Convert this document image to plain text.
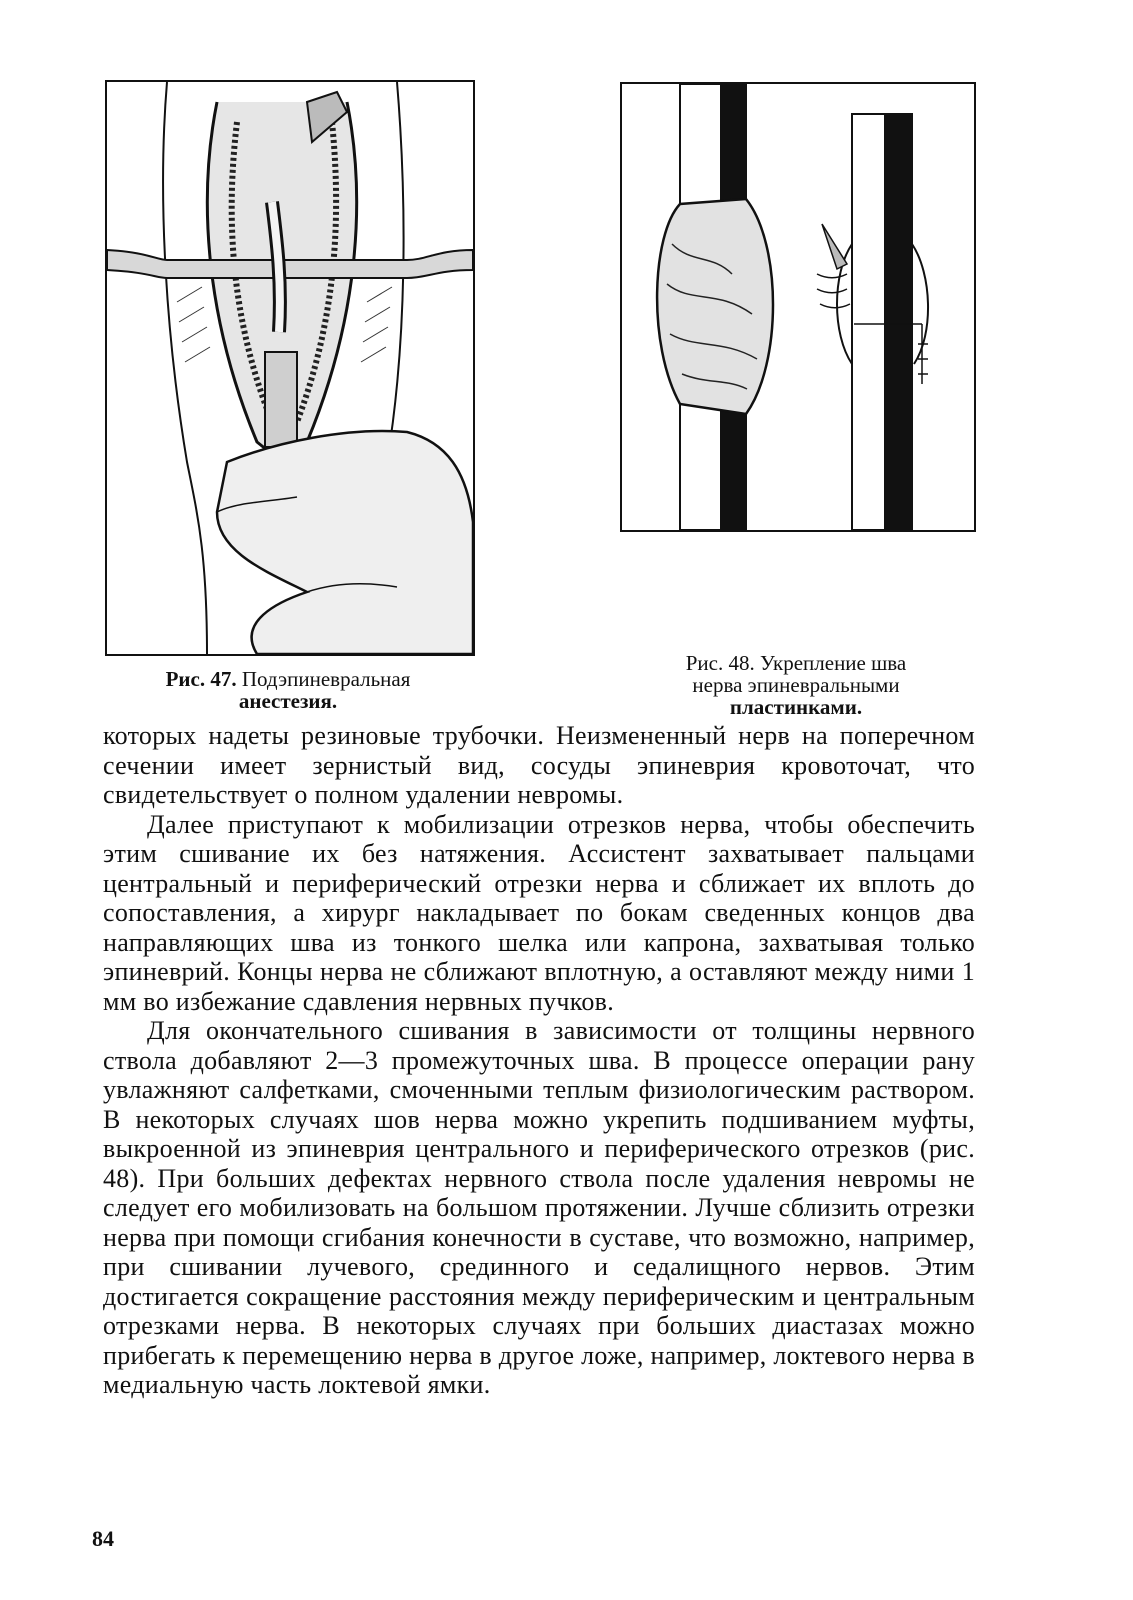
Рис. 47. Подэпиневральная
анестезия.
Рис. 48. Укрепление шва
нерва эпиневральными
пластинками.

которых надеты резиновые трубочки. Неизмененный нерв на поперечном сечении имеет зернистый вид, сосуды эпиневрия кровоточат, что свидетельствует о полном удалении невромы.

Далее приступают к мобилизации отрезков нерва, чтобы обеспечить этим сшивание их без натяжения. Ассистент захватывает пальцами центральный и периферический отрезки нерва и сближает их вплоть до сопоставления, а хирург накладывает по бокам сведенных концов два направляющих шва из тонкого шелка или капрона, захватывая только эпиневрий. Концы нерва не сближают вплотную, а оставляют между ними 1 мм во избежание сдавления нервных пучков.

Для окончательного сшивания в зависимости от толщины нервного ствола добавляют 2—3 промежуточных шва. В процессе операции рану увлажняют салфетками, смоченными теплым физиологическим раствором. В некоторых случаях шов нерва можно укрепить подшиванием муфты, выкроенной из эпиневрия центрального и периферического отрезков (рис. 48). При больших дефектах нервного ствола после удаления невромы не следует его мобилизовать на большом протяжении. Лучше сблизить отрезки нерва при помощи сгибания конечности в суставе, что возможно, например, при сшивании лучевого, срединного и седалищного нервов. Этим достигается сокращение расстояния между периферическим и центральным отрезками нерва. В некоторых случаях при больших диастазах можно прибегать к перемещению нерва в другое ложе, например, локтевого нерва в медиальную часть локтевой ямки.

84
